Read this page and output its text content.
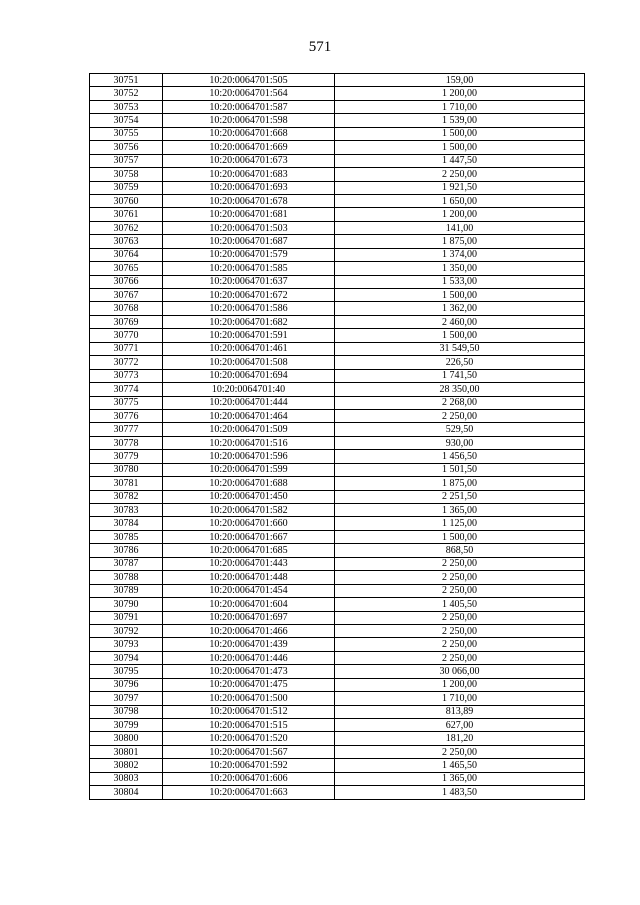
571
30751	10:20:0064701:505	159,00
30752	10:20:0064701:564	1 200,00
30753	10:20:0064701:587	1 710,00
30754	10:20:0064701:598	1 539,00
30755	10:20:0064701:668	1 500,00
30756	10:20:0064701:669	1 500,00
30757	10:20:0064701:673	1 447,50
30758	10:20:0064701:683	2 250,00
30759	10:20:0064701:693	1 921,50
30760	10:20:0064701:678	1 650,00
30761	10:20:0064701:681	1 200,00
30762	10:20:0064701:503	141,00
30763	10:20:0064701:687	1 875,00
30764	10:20:0064701:579	1 374,00
30765	10:20:0064701:585	1 350,00
30766	10:20:0064701:637	1 533,00
30767	10:20:0064701:672	1 500,00
30768	10:20:0064701:586	1 362,00
30769	10:20:0064701:682	2 460,00
30770	10:20:0064701:591	1 500,00
30771	10:20:0064701:461	31 549,50
30772	10:20:0064701:508	226,50
30773	10:20:0064701:694	1 741,50
30774	10:20:0064701:40	28 350,00
30775	10:20:0064701:444	2 268,00
30776	10:20:0064701:464	2 250,00
30777	10:20:0064701:509	529,50
30778	10:20:0064701:516	930,00
30779	10:20:0064701:596	1 456,50
30780	10:20:0064701:599	1 501,50
30781	10:20:0064701:688	1 875,00
30782	10:20:0064701:450	2 251,50
30783	10:20:0064701:582	1 365,00
30784	10:20:0064701:660	1 125,00
30785	10:20:0064701:667	1 500,00
30786	10:20:0064701:685	868,50
30787	10:20:0064701:443	2 250,00
30788	10:20:0064701:448	2 250,00
30789	10:20:0064701:454	2 250,00
30790	10:20:0064701:604	1 405,50
30791	10:20:0064701:697	2 250,00
30792	10:20:0064701:466	2 250,00
30793	10:20:0064701:439	2 250,00
30794	10:20:0064701:446	2 250,00
30795	10:20:0064701:473	30 066,00
30796	10:20:0064701:475	1 200,00
30797	10:20:0064701:500	1 710,00
30798	10:20:0064701:512	813,89
30799	10:20:0064701:515	627,00
30800	10:20:0064701:520	181,20
30801	10:20:0064701:567	2 250,00
30802	10:20:0064701:592	1 465,50
30803	10:20:0064701:606	1 365,00
30804	10:20:0064701:663	1 483,50
